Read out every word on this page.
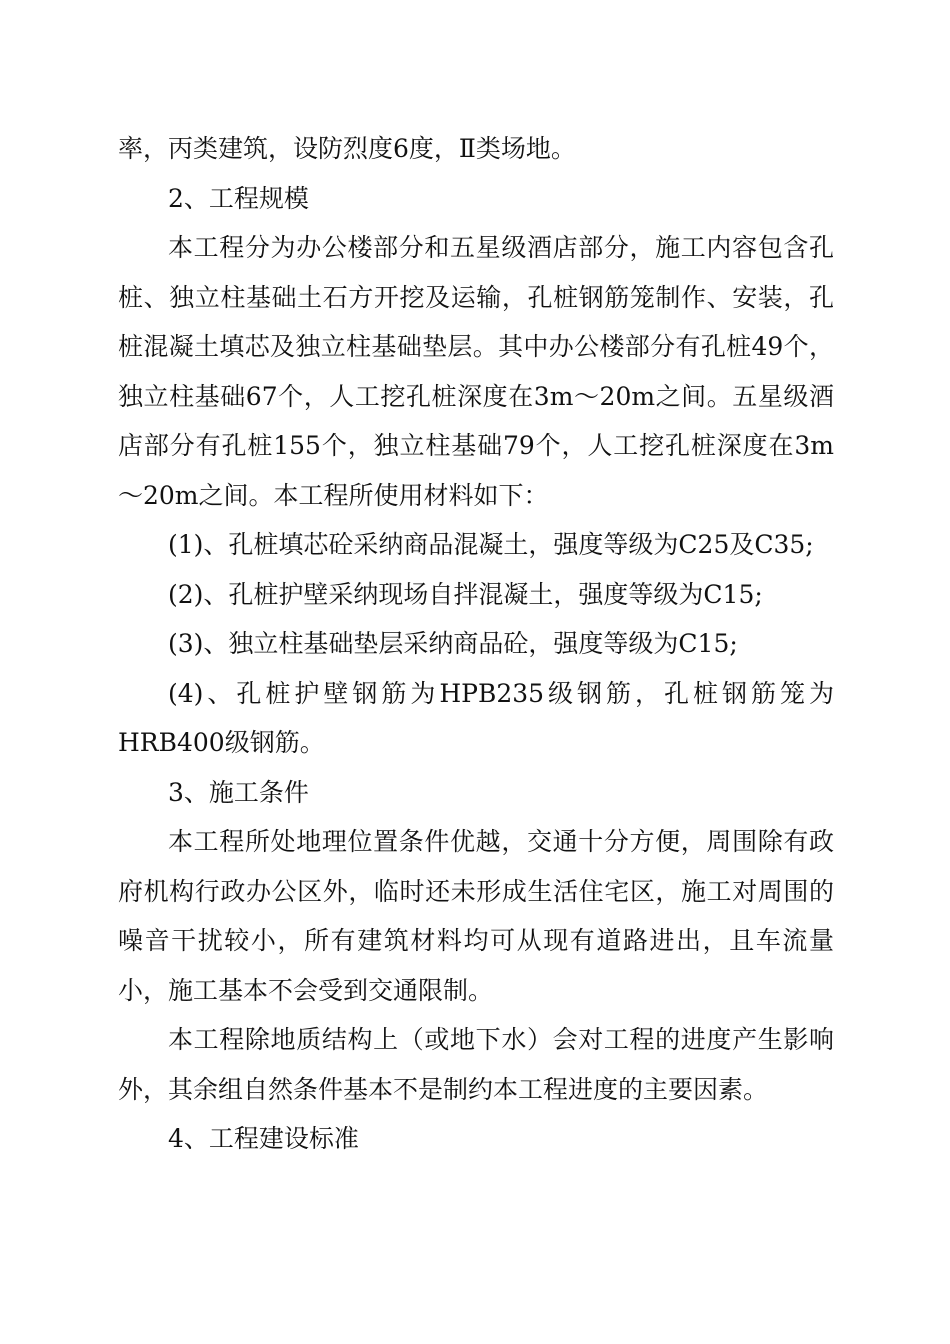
率，丙类建筑，设防烈度6度，Ⅱ类场地。

2、工程规模

本工程分为办公楼部分和五星级酒店部分，施工内容包含孔桩、独立柱基础土石方开挖及运输，孔桩钢筋笼制作、安装，孔桩混凝土填芯及独立柱基础垫层。其中办公楼部分有孔桩49个，独立柱基础67个，人工挖孔桩深度在3m～20m之间。五星级酒店部分有孔桩155个，独立柱基础79个，人工挖孔桩深度在3m～20m之间。本工程所使用材料如下：

(1)、孔桩填芯砼采纳商品混凝土，强度等级为C25及C35;

(2)、孔桩护壁采纳现场自拌混凝土，强度等级为C15;

(3)、独立柱基础垫层采纳商品砼，强度等级为C15;

(4)、孔桩护壁钢筋为HPB235级钢筋，孔桩钢筋笼为HRB400级钢筋。

3、施工条件

本工程所处地理位置条件优越，交通十分方便，周围除有政府机构行政办公区外，临时还未形成生活住宅区，施工对周围的噪音干扰较小，所有建筑材料均可从现有道路进出，且车流量小，施工基本不会受到交通限制。

本工程除地质结构上（或地下水）会对工程的进度产生影响外，其余组自然条件基本不是制约本工程进度的主要因素。

4、工程建设标准
